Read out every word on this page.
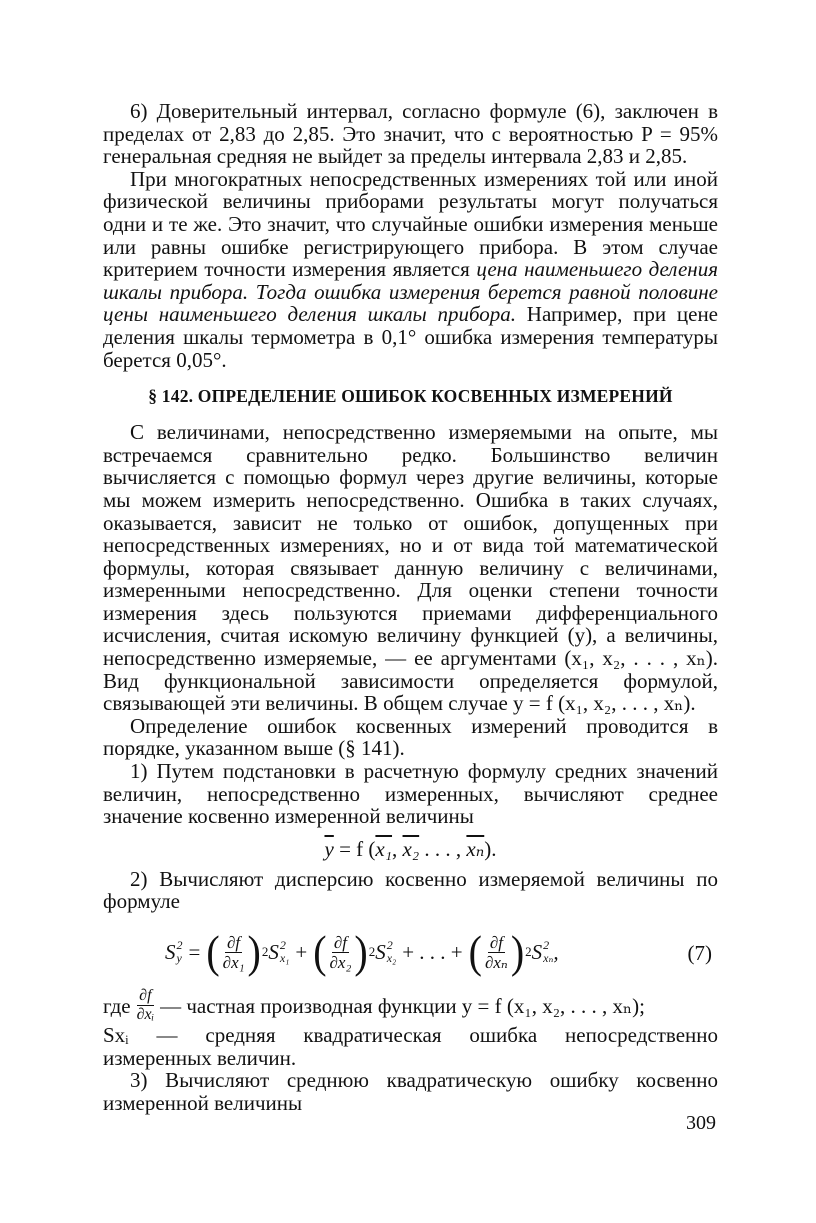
6) Доверительный интервал, согласно формуле (6), заключен в пределах от 2,83 до 2,85. Это значит, что с вероятностью P = 95% генеральная средняя не выйдет за пределы интервала 2,83 и 2,85.

При многократных непосредственных измерениях той или иной физической величины приборами результаты могут получаться одни и те же. Это значит, что случайные ошибки измерения меньше или равны ошибке регистрирующего прибора. В этом случае критерием точности измерения является цена наименьшего деления шкалы прибора. Тогда ошибка измерения берется равной половине цены наименьшего деления шкалы прибора. Например, при цене деления шкалы термометра в 0,1° ошибка измерения температуры берется 0,05°.

§ 142. ОПРЕДЕЛЕНИЕ ОШИБОК КОСВЕННЫХ ИЗМЕРЕНИЙ

С величинами, непосредственно измеряемыми на опыте, мы встречаемся сравнительно редко. Большинство величин вычисляется с помощью формул через другие величины, которые мы можем измерить непосредственно. Ошибка в таких случаях, оказывается, зависит не только от ошибок, допущенных при непосредственных измерениях, но и от вида той математической формулы, которая связывает данную величину с величинами, измеренными непосредственно. Для оценки степени точности измерения здесь пользуются приемами дифференциального исчисления, считая искомую величину функцией (y), а величины, непосредственно измеряемые, — ее аргументами (x₁, x₂, . . . , xₙ). Вид функциональной зависимости определяется формулой, связывающей эти величины. В общем случае y = f (x₁, x₂, . . . , xₙ).

Определение ошибок косвенных измерений проводится в порядке, указанном выше (§ 141).

1) Путем подстановки в расчетную формулу средних значений величин, непосредственно измеренных, вычисляют среднее значение косвенно измеренной величины

$\overline{y} = f$ (x₁, x₂ . . . , $\overline{x_n}$).

2) Вычисляют дисперсию косвенно измеряемой величины по формуле

S 2
y = ( $\frac{\partial f}{\text{∂x₁}}$ ) 2 S 2
x₁ + ( $\frac{\partial f}{\text{∂x₂}}$ ) 2 S 2
x₂ + . . . + ( $\frac{\partial f}{\text{∂xₙ}}$ ) 2 S 2
xₙ ,	(7)
где $\frac{\partial f}{\text{∂xᵢ}}$ — частная производная функции y = f (x₁, x₂, . . . , xₙ);

Sxᵢ — средняя квадратическая ошибка непосредственно измеренных величин.

3) Вычисляют среднюю квадратическую ошибку косвенно измеренной величины

309
